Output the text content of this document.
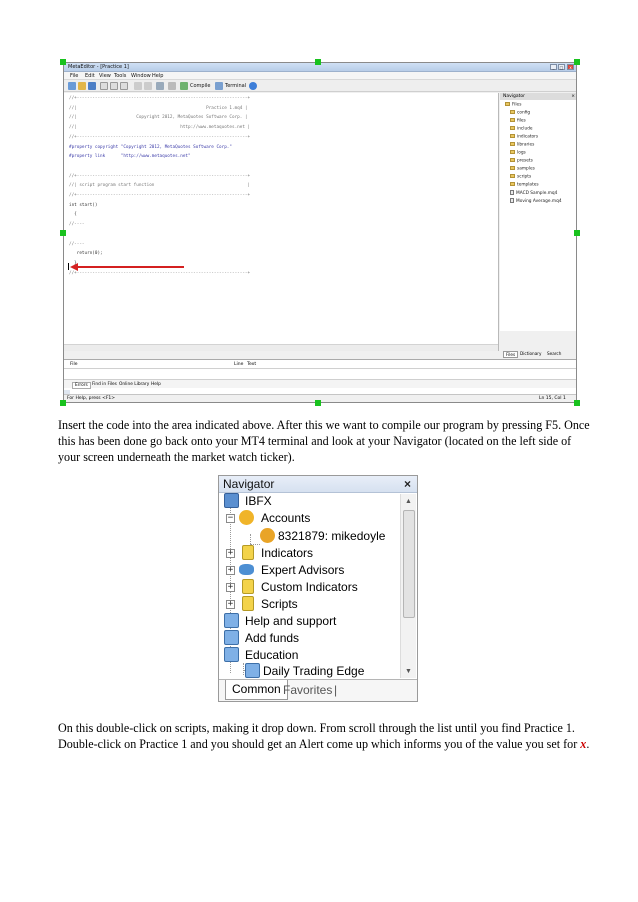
MetaEditor - [Practice 1]	_	□	x
File Edit View Tools Window Help
Compile	Terminal
//+------------------------------------------------------------------+
//|                                                  Practice 1.mq4 |
//|                       Copyright 2012, MetaQuotes Software Corp. |
//|                                        http://www.metaquotes.net |
//+------------------------------------------------------------------+
#property copyright "Copyright 2012, MetaQuotes Software Corp."
#property link      "http://www.metaquotes.net"
//+------------------------------------------------------------------+
//| script program start function                                    |
//+------------------------------------------------------------------+
int start()
{
//----
//----
return(0);
}
//+------------------------------------------------------------------+
Navigator	×
Files
config
files
include
indicators
libraries
logs
presets
samples
scripts
templates
MACD Sample.mq4
Moving Average.mq4
Files	Dictionary Search
File	Line Text
Errors Find in Files Online Library Help
For Help, press <F1>	Ln 15, Col 1

Insert the code into the area indicated above. After this we want to compile our program by pressing F5. Once this has been done go back onto your MT4 terminal and look at your Navigator (located on the left side of your screen underneath the market watch ticker).

Navigator	×
IBFX
− Accounts
8321879: mikedoyle
+ Indicators
+ Expert Advisors
+ Custom Indicators
+ Scripts
Help and support
Add funds
Education
Daily Trading Edge
▲
▼
Common Favorites |

On this double-click on scripts, making it drop down. From scroll through the list until you find Practice 1. Double-click on Practice 1 and you should get an Alert come up which informs you of the value you set for x.
